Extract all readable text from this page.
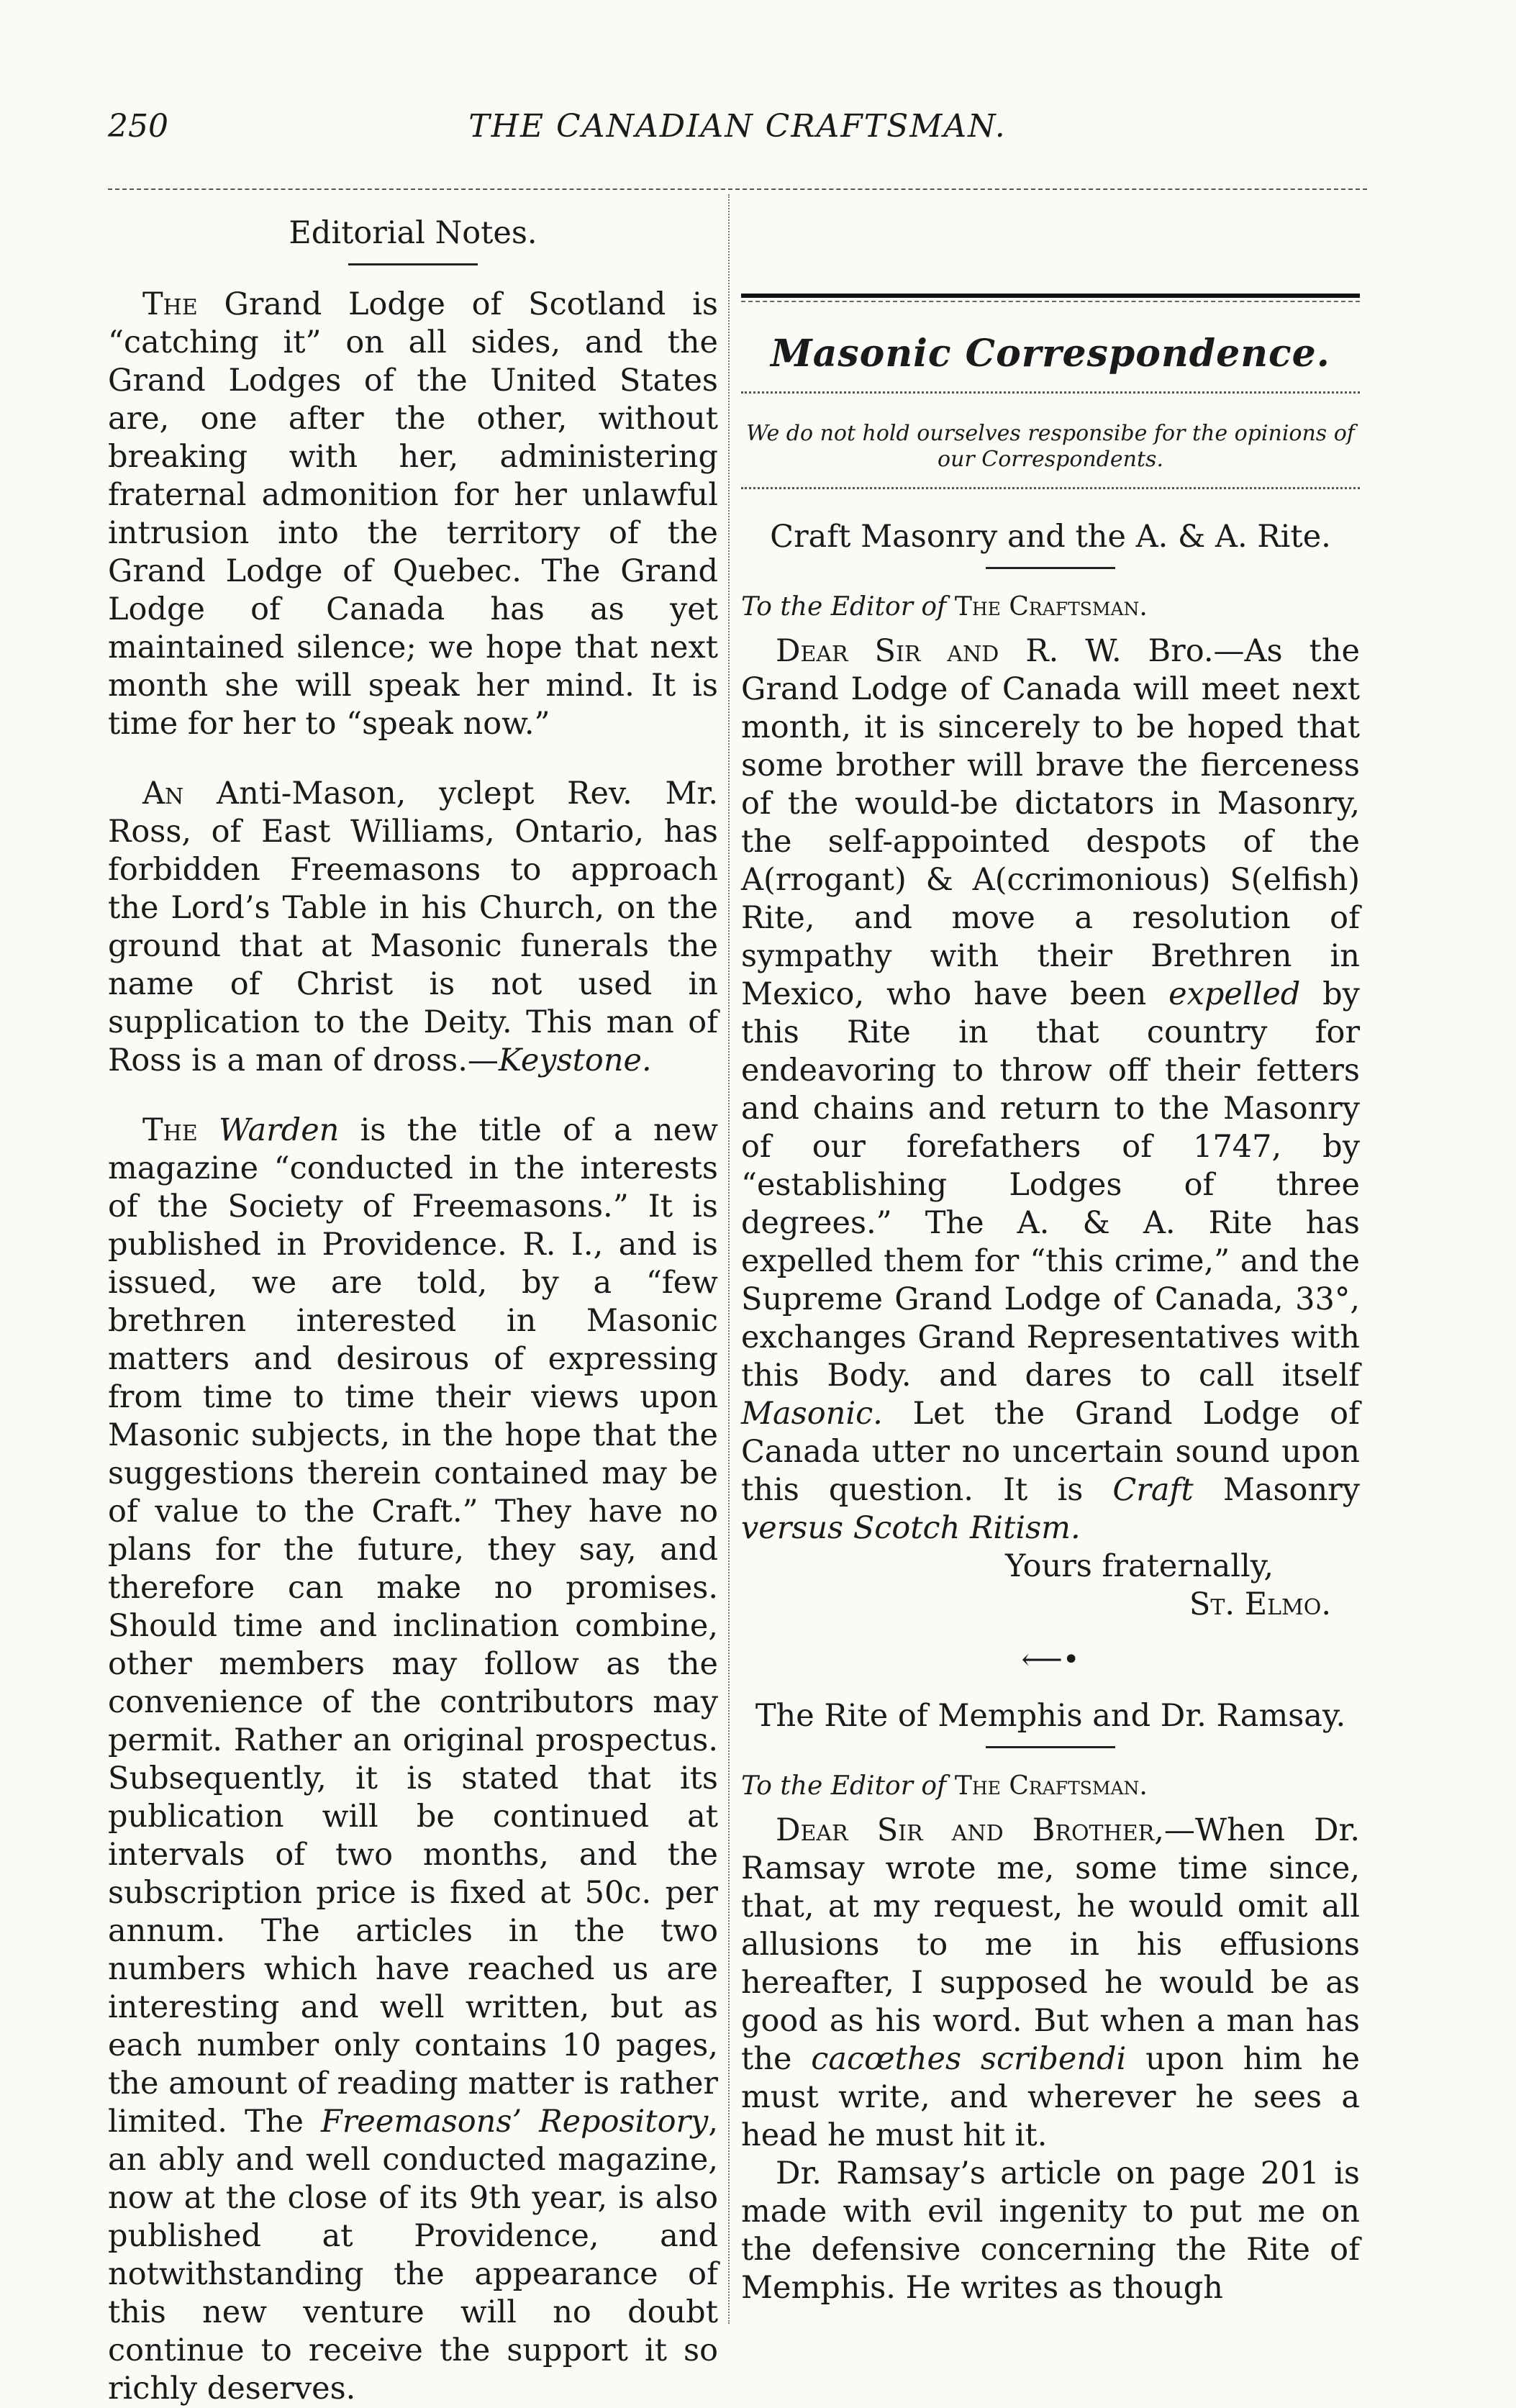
250	THE CANADIAN CRAFTSMAN.
Editorial Notes.

The Grand Lodge of Scotland is “catching it” on all sides, and the Grand Lodges of the United States are, one after the other, without breaking with her, administering fraternal admonition for her unlawful intrusion into the territory of the Grand Lodge of Quebec. The Grand Lodge of Canada has as yet maintained silence; we hope that next month she will speak her mind. It is time for her to “speak now.”

An Anti-Mason, yclept Rev. Mr. Ross, of East Williams, Ontario, has forbidden Freemasons to approach the Lord’s Table in his Church, on the ground that at Masonic funerals the name of Christ is not used in supplication to the Deity. This man of Ross is a man of dross.—Keystone.

The Warden is the title of a new magazine “conducted in the interests of the Society of Freemasons.” It is published in Providence. R. I., and is issued, we are told, by a “few brethren interested in Masonic matters and desirous of expressing from time to time their views upon Masonic subjects, in the hope that the suggestions therein contained may be of value to the Craft.” They have no plans for the future, they say, and therefore can make no promises. Should time and inclination combine, other members may follow as the convenience of the contributors may permit. Rather an original prospectus. Subsequently, it is stated that its publication will be continued at intervals of two months, and the subscription price is fixed at 50c. per annum. The articles in the two numbers which have reached us are interesting and well written, but as each number only contains 10 pages, the amount of reading matter is rather limited. The Freemasons’ Repository, an ably and well conducted magazine, now at the close of its 9th year, is also published at Providence, and notwithstanding the appearance of this new venture will no doubt continue to receive the support it so richly deserves.

Masonic Correspondence.
We do not hold ourselves responsibe for the opinions of our Correspondents.
Craft Masonry and the A. & A. Rite.
To the Editor of The Craftsman.

Dear Sir and R. W. Bro.—As the Grand Lodge of Canada will meet next month, it is sincerely to be hoped that some brother will brave the fierceness of the would-be dictators in Masonry, the self-appointed despots of the A(rrogant) & A(ccrimonious) S(elfish) Rite, and move a resolution of sympathy with their Brethren in Mexico, who have been expelled by this Rite in that country for endeavoring to throw off their fetters and chains and return to the Masonry of our forefathers of 1747, by “establishing Lodges of three degrees.” The A. & A. Rite has expelled them for “this crime,” and the Supreme Grand Lodge of Canada, 33°, exchanges Grand Representatives with this Body. and dares to call itself Masonic. Let the Grand Lodge of Canada utter no uncertain sound upon this question. It is Craft Masonry versus Scotch Ritism.

Yours fraternally,

St. Elmo.

⟵•
The Rite of Memphis and Dr. Ramsay.
To the Editor of The Craftsman.

Dear Sir and Brother,—When Dr. Ramsay wrote me, some time since, that, at my request, he would omit all allusions to me in his effusions hereafter, I supposed he would be as good as his word. But when a man has the cacœthes scribendi upon him he must write, and wherever he sees a head he must hit it.

Dr. Ramsay’s article on page 201 is made with evil ingenity to put me on the defensive concerning the Rite of Memphis. He writes as though
